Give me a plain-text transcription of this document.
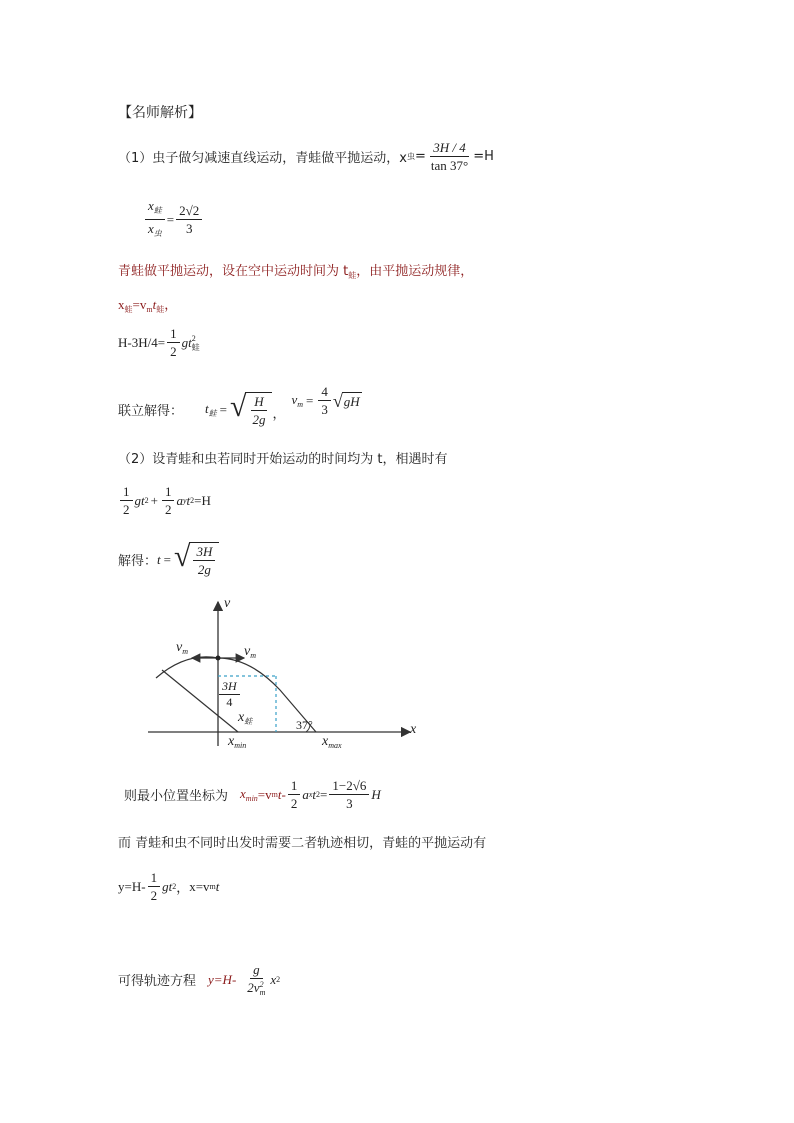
【名师解析】
（1）虫子做匀减速直线运动，青蛙做平抛运动，x 虫 = $\frac{3H / 4}{\tan 37^\circ} =H$
$\frac{x_蛙}{x_虫} = \frac{2√2}{3}$
青蛙做平抛运动，设在空中运动时间为 $t_蛙$，由平抛运动规律，
$x_蛙=v_mt_蛙$，
$H-3H/4= \frac{1}{2}$ gt 2
蛙
联立解得： $t_蛙$ = √ $\frac{H}{2g}$ ，
$v_m = \frac{4}{3}$ √ gH
（2）设青蛙和虫若同时开始运动的时间均为 t，相遇时有
$\frac{1}{2}$ gt $2 + \frac{1}{2}$ a y t 2 =H
解得： t = √ $\frac{3H}{2g}$
v
x
$v_m$	$v_m$
$\frac{3H}{4}$
$x_蛙$	37°
$x_{min}$	$x_{max}$
则最小位置坐标为 $x_{min} =v$ m $t- \frac{1}{2}$ a x t $2 = \frac{1-2√6}{3}$ H
而 青蛙和虫不同时出发时需要二者轨迹相切，青蛙的平抛运动有
$y=H- \frac{1}{2}$ gt 2 ， x=v m t
可得轨迹方程 y=H- g
2v 2
m x 2
